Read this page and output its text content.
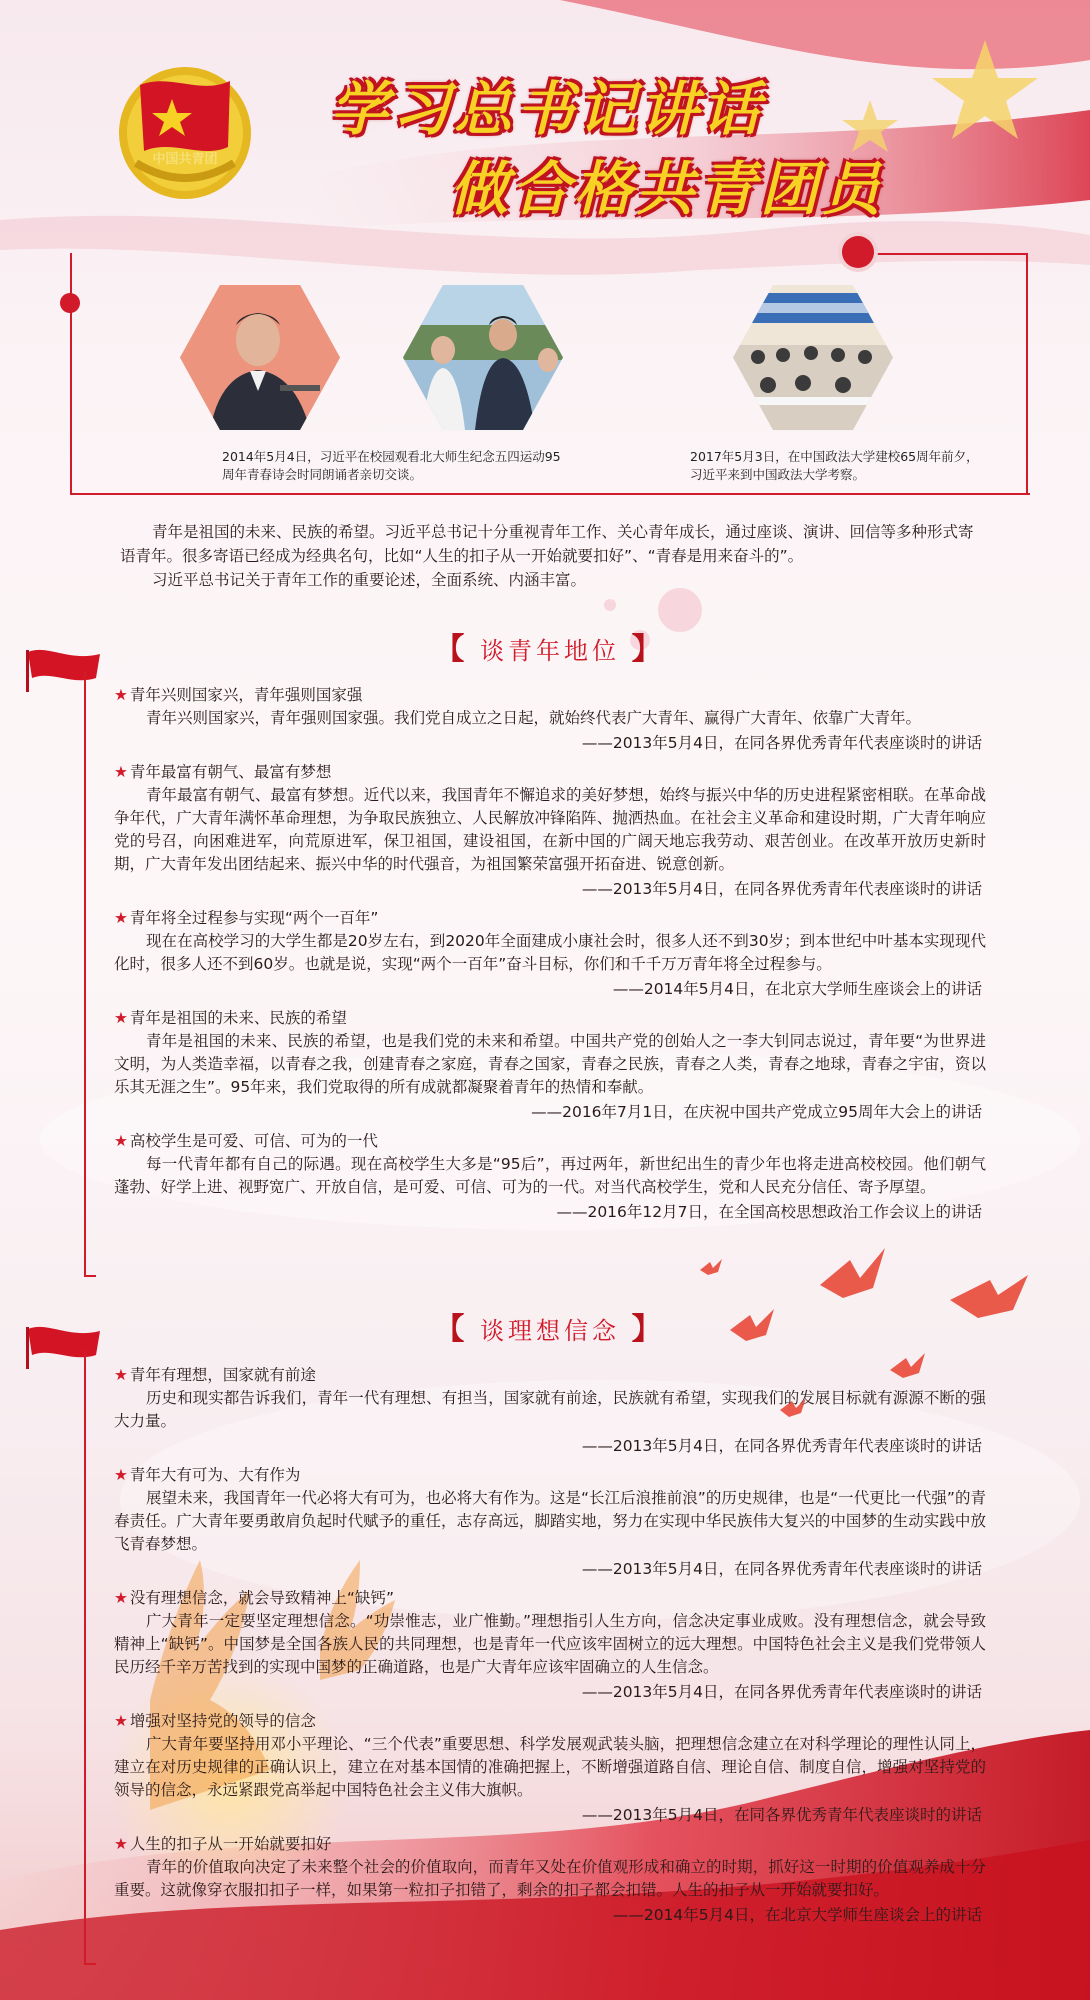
中国共青团
学习总书记讲话
做合格共青团员
2014年5月4日，习近平在校园观看北大师生纪念五四运动95周年青春诗会时同朗诵者亲切交谈。
2017年5月3日，在中国政法大学建校65周年前夕，习近平来到中国政法大学考察。

青年是祖国的未来、民族的希望。习近平总书记十分重视青年工作、关心青年成长，通过座谈、演讲、回信等多种形式寄语青年。很多寄语已经成为经典名句，比如“人生的扣子从一开始就要扣好”、“青春是用来奋斗的”。

习近平总书记关于青年工作的重要论述，全面系统、内涵丰富。

【 谈青年地位 】

★ 青年兴则国家兴，青年强则国家强

青年兴则国家兴，青年强则国家强。我们党自成立之日起，就始终代表广大青年、赢得广大青年、依靠广大青年。

——2013年5月4日，在同各界优秀青年代表座谈时的讲话

★ 青年最富有朝气、最富有梦想

青年最富有朝气、最富有梦想。近代以来，我国青年不懈追求的美好梦想，始终与振兴中华的历史进程紧密相联。在革命战争年代，广大青年满怀革命理想，为争取民族独立、人民解放冲锋陷阵、抛洒热血。在社会主义革命和建设时期，广大青年响应党的号召，向困难进军，向荒原进军，保卫祖国，建设祖国，在新中国的广阔天地忘我劳动、艰苦创业。在改革开放历史新时期，广大青年发出团结起来、振兴中华的时代强音，为祖国繁荣富强开拓奋进、锐意创新。

——2013年5月4日，在同各界优秀青年代表座谈时的讲话

★ 青年将全过程参与实现“两个一百年”

现在在高校学习的大学生都是20岁左右，到2020年全面建成小康社会时，很多人还不到30岁；到本世纪中叶基本实现现代化时，很多人还不到60岁。也就是说，实现“两个一百年”奋斗目标，你们和千千万万青年将全过程参与。

——2014年5月4日，在北京大学师生座谈会上的讲话

★ 青年是祖国的未来、民族的希望

青年是祖国的未来、民族的希望，也是我们党的未来和希望。中国共产党的创始人之一李大钊同志说过，青年要“为世界进文明，为人类造幸福，以青春之我，创建青春之家庭，青春之国家，青春之民族，青春之人类，青春之地球，青春之宇宙，资以乐其无涯之生”。95年来，我们党取得的所有成就都凝聚着青年的热情和奉献。

——2016年7月1日，在庆祝中国共产党成立95周年大会上的讲话

★ 高校学生是可爱、可信、可为的一代

每一代青年都有自己的际遇。现在高校学生大多是“95后”，再过两年，新世纪出生的青少年也将走进高校校园。他们朝气蓬勃、好学上进、视野宽广、开放自信，是可爱、可信、可为的一代。对当代高校学生，党和人民充分信任、寄予厚望。

——2016年12月7日，在全国高校思想政治工作会议上的讲话

【 谈理想信念 】

★ 青年有理想，国家就有前途

历史和现实都告诉我们，青年一代有理想、有担当，国家就有前途，民族就有希望，实现我们的发展目标就有源源不断的强大力量。

——2013年5月4日，在同各界优秀青年代表座谈时的讲话

★ 青年大有可为、大有作为

展望未来，我国青年一代必将大有可为，也必将大有作为。这是“长江后浪推前浪”的历史规律，也是“一代更比一代强”的青春责任。广大青年要勇敢肩负起时代赋予的重任，志存高远，脚踏实地，努力在实现中华民族伟大复兴的中国梦的生动实践中放飞青春梦想。

——2013年5月4日，在同各界优秀青年代表座谈时的讲话

★ 没有理想信念，就会导致精神上“缺钙”

广大青年一定要坚定理想信念。“功崇惟志，业广惟勤。”理想指引人生方向，信念决定事业成败。没有理想信念，就会导致精神上“缺钙”。中国梦是全国各族人民的共同理想，也是青年一代应该牢固树立的远大理想。中国特色社会主义是我们党带领人民历经千辛万苦找到的实现中国梦的正确道路，也是广大青年应该牢固确立的人生信念。

——2013年5月4日，在同各界优秀青年代表座谈时的讲话

★ 增强对坚持党的领导的信念

广大青年要坚持用邓小平理论、“三个代表”重要思想、科学发展观武装头脑，把理想信念建立在对科学理论的理性认同上，建立在对历史规律的正确认识上，建立在对基本国情的准确把握上，不断增强道路自信、理论自信、制度自信，增强对坚持党的领导的信念，永远紧跟党高举起中国特色社会主义伟大旗帜。

——2013年5月4日，在同各界优秀青年代表座谈时的讲话

★ 人生的扣子从一开始就要扣好

青年的价值取向决定了未来整个社会的价值取向，而青年又处在价值观形成和确立的时期，抓好这一时期的价值观养成十分重要。这就像穿衣服扣扣子一样，如果第一粒扣子扣错了，剩余的扣子都会扣错。人生的扣子从一开始就要扣好。

——2014年5月4日，在北京大学师生座谈会上的讲话
